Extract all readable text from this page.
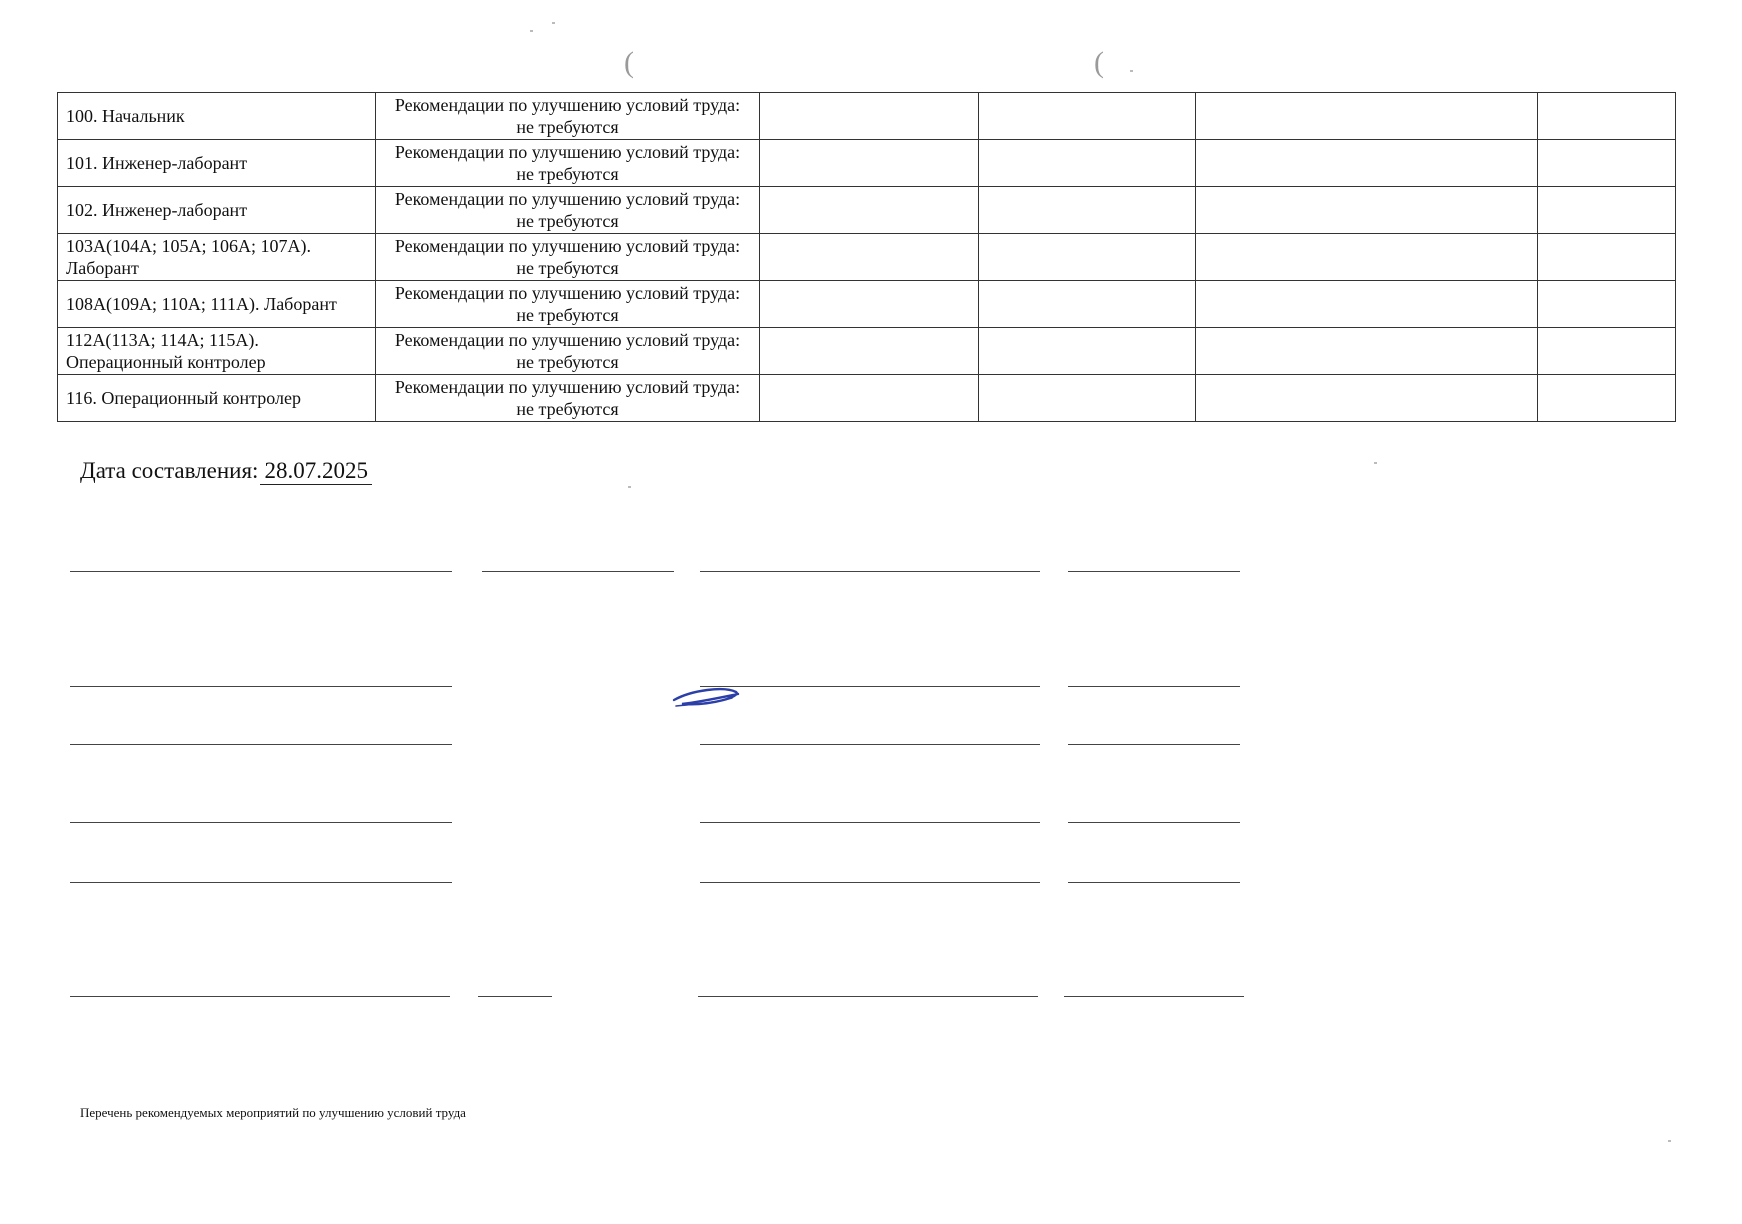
(	(
100. Начальник	Рекомендации по улучшению условий труда: не требуются				
101. Инженер-лаборант	Рекомендации по улучшению условий труда: не требуются				
102. Инженер-лаборант	Рекомендации по улучшению условий труда: не требуются				
103А(104А; 105А; 106А; 107А). Лаборант	Рекомендации по улучшению условий труда: не требуются				
108А(109А; 110А; 111А). Лаборант	Рекомендации по улучшению условий труда: не требуются				
112А(113А; 114А; 115А). Операционный контролер	Рекомендации по улучшению условий труда: не требуются				
116. Операционный контролер	Рекомендации по улучшению условий труда: не требуются				
Дата составления: 28.07.2025
Перечень рекомендуемых мероприятий по улучшению условий труда
